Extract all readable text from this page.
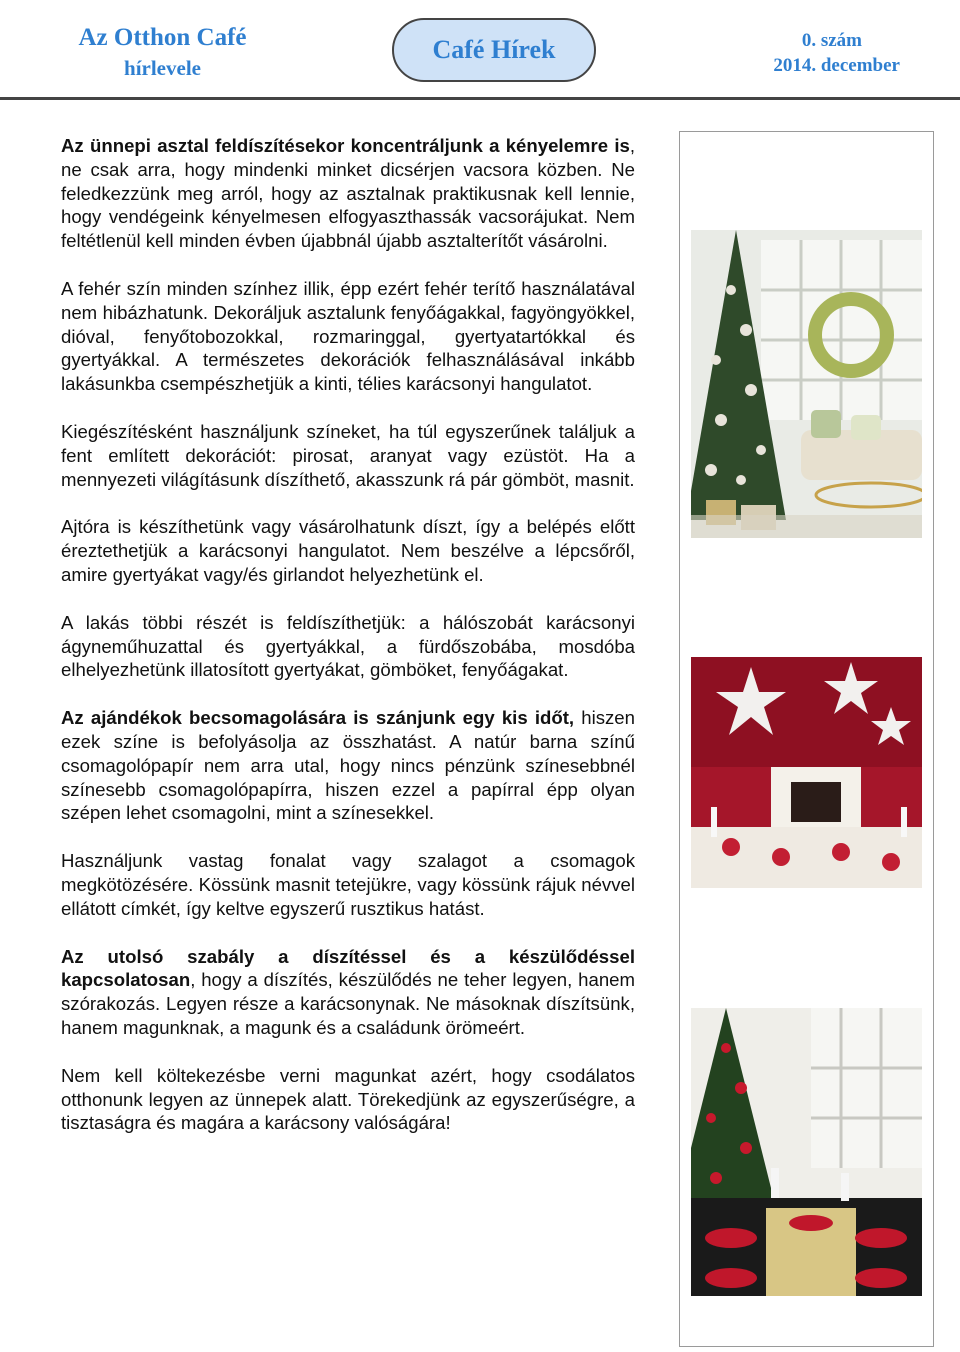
Az Otthon Café
hírlevele
Café Hírek	0. szám
2014. december

Az ünnepi asztal feldíszítésekor koncentráljunk a kényelemre is, ne csak arra, hogy mindenki minket dicsérjen vacsora közben. Ne feledkezzünk meg arról, hogy az asztalnak praktikusnak kell lennie, hogy vendégeink kényelmesen elfogyaszthassák vacsorájukat. Nem feltétlenül kell minden évben újabbnál újabb asztalterítőt vásárolni.

A fehér szín minden színhez illik, épp ezért fehér terítő használatával nem hibázhatunk. Dekoráljuk asztalunk fenyőágakkal, fagyöngyökkel, dióval, fenyőtobozokkal, rozmaringgal, gyertyatartókkal és gyertyákkal. A természetes dekorációk felhasználásával inkább lakásunkba csempészhetjük a kinti, télies karácsonyi hangulatot.

Kiegészítésként használjunk színeket, ha túl egyszerűnek találjuk a fent említett dekorációt: pirosat, aranyat vagy ezüstöt. Ha a mennyezeti világításunk díszíthető, akasszunk rá pár gömböt, masnit.

Ajtóra is készíthetünk vagy vásárolhatunk díszt, így a belépés előtt éreztethetjük a karácsonyi hangulatot. Nem beszélve a lépcsőről, amire gyertyákat vagy/és girlandot helyezhetünk el.

A lakás többi részét is feldíszíthetjük: a hálószobát karácsonyi ágyneműhuzattal és gyertyákkal, a fürdőszobába, mosdóba elhelyezhetünk illatosított gyertyákat, gömböket, fenyőágakat.

Az ajándékok becsomagolására is szánjunk egy kis időt, hiszen ezek színe is befolyásolja az összhatást. A natúr barna színű csomagolópapír nem arra utal, hogy nincs pénzünk színesebbnél színesebb csomagolópapírra, hiszen ezzel a papírral épp olyan szépen lehet csomagolni, mint a színesekkel.

Használjunk vastag fonalat vagy szalagot a csomagok megkötözésére. Kössünk masnit tetejükre, vagy kössünk rájuk névvel ellátott címkét, így keltve egyszerű rusztikus hatást.

Az utolsó szabály a díszítéssel és a készülődéssel kapcsolatosan, hogy a díszítés, készülődés ne teher legyen, hanem szórakozás. Legyen része a karácsonynak. Ne másoknak díszítsünk, hanem magunknak, a magunk és a családunk örömeért.

Nem kell költekezésbe verni magunkat azért, hogy csodálatos otthonunk legyen az ünnepek alatt. Törekedjünk az egyszerűségre, a tisztaságra és magára a karácsony valóságára!
